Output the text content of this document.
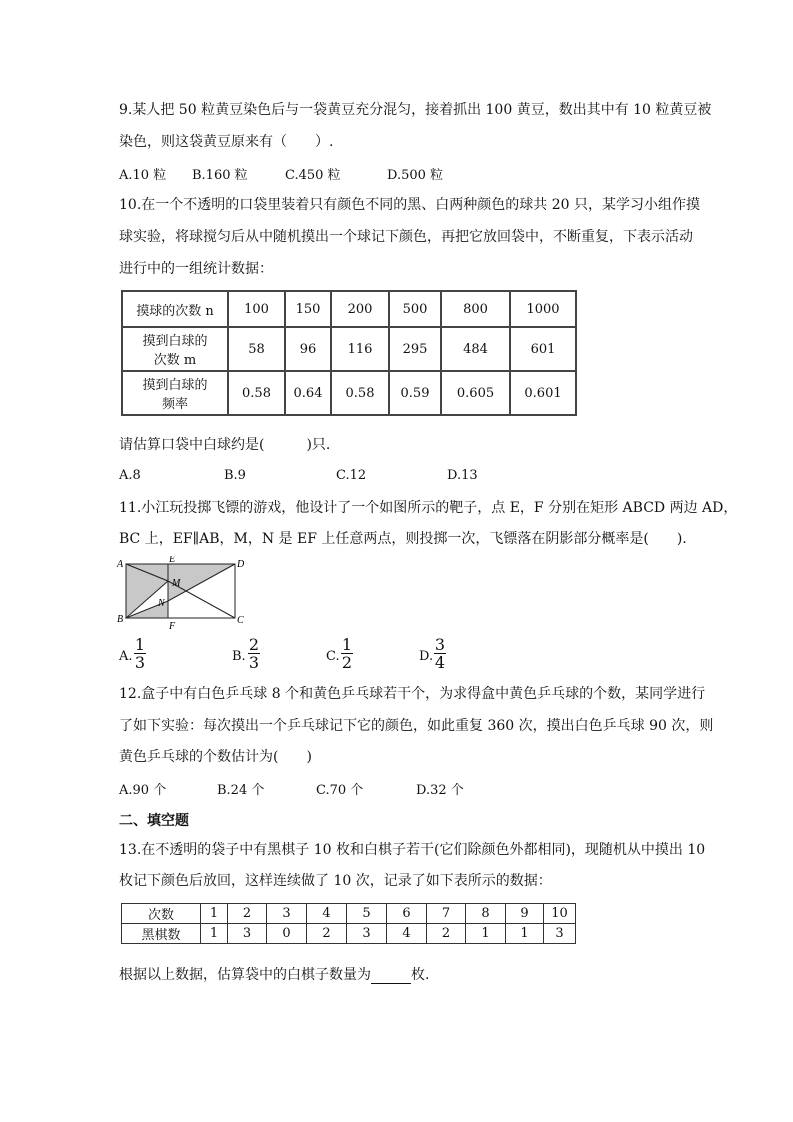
9.某人把 50 粒黄豆染色后与一袋黄豆充分混匀，接着抓出 100 黄豆，数出其中有 10 粒黄豆被
染色，则这袋黄豆原来有（　　）.
A.10 粒 B.160 粒	C.450 粒	D.500 粒
10.在一个不透明的口袋里装着只有颜色不同的黑、白两种颜色的球共 20 只，某学习小组作摸
球实验，将球搅匀后从中随机摸出一个球记下颜色，再把它放回袋中，不断重复，下表示活动
进行中的一组统计数据：
摸球的次数 n	100	150	200	500	800	1000

摸到白球的
次数 m	58	96	116	295	484	601

摸到白球的
频率	0.58	0.64	0.58	0.59	0.605	0.601
请估算口袋中白球约是(　　　)只.
A.8	B.9	C.12	D.13
11.小江玩投掷飞镖的游戏，他设计了一个如图所示的靶子，点 E，F 分别在矩形 ABCD 两边 AD，
BC 上，EF∥AB，M，N 是 EF 上任意两点，则投掷一次，飞镖落在阴影部分概率是(　　).
A	E	D
M
N
B
F
C
A.
1
3	B.
2
3	C.
1
2	D.
3
4
12.盒子中有白色乒乓球 8 个和黄色乒乓球若干个，为求得盒中黄色乒乓球的个数，某同学进行
了如下实验：每次摸出一个乒乓球记下它的颜色，如此重复 360 次，摸出白色乒乓球 90 次，则
黄色乒乓球的个数估计为(　　)
A.90 个	B.24 个	C.70 个	D.32 个
二、填空题
13.在不透明的袋子中有黑棋子 10 枚和白棋子若干(它们除颜色外都相同)，现随机从中摸出 10
枚记下颜色后放回，这样连续做了 10 次，记录了如下表所示的数据：
次数	1	2	3	4	5	6	7	8	9	10
黑棋数	1	3	0	2	3	4	2	1	1	3
根据以上数据，估算袋中的白棋子数量为	枚.
